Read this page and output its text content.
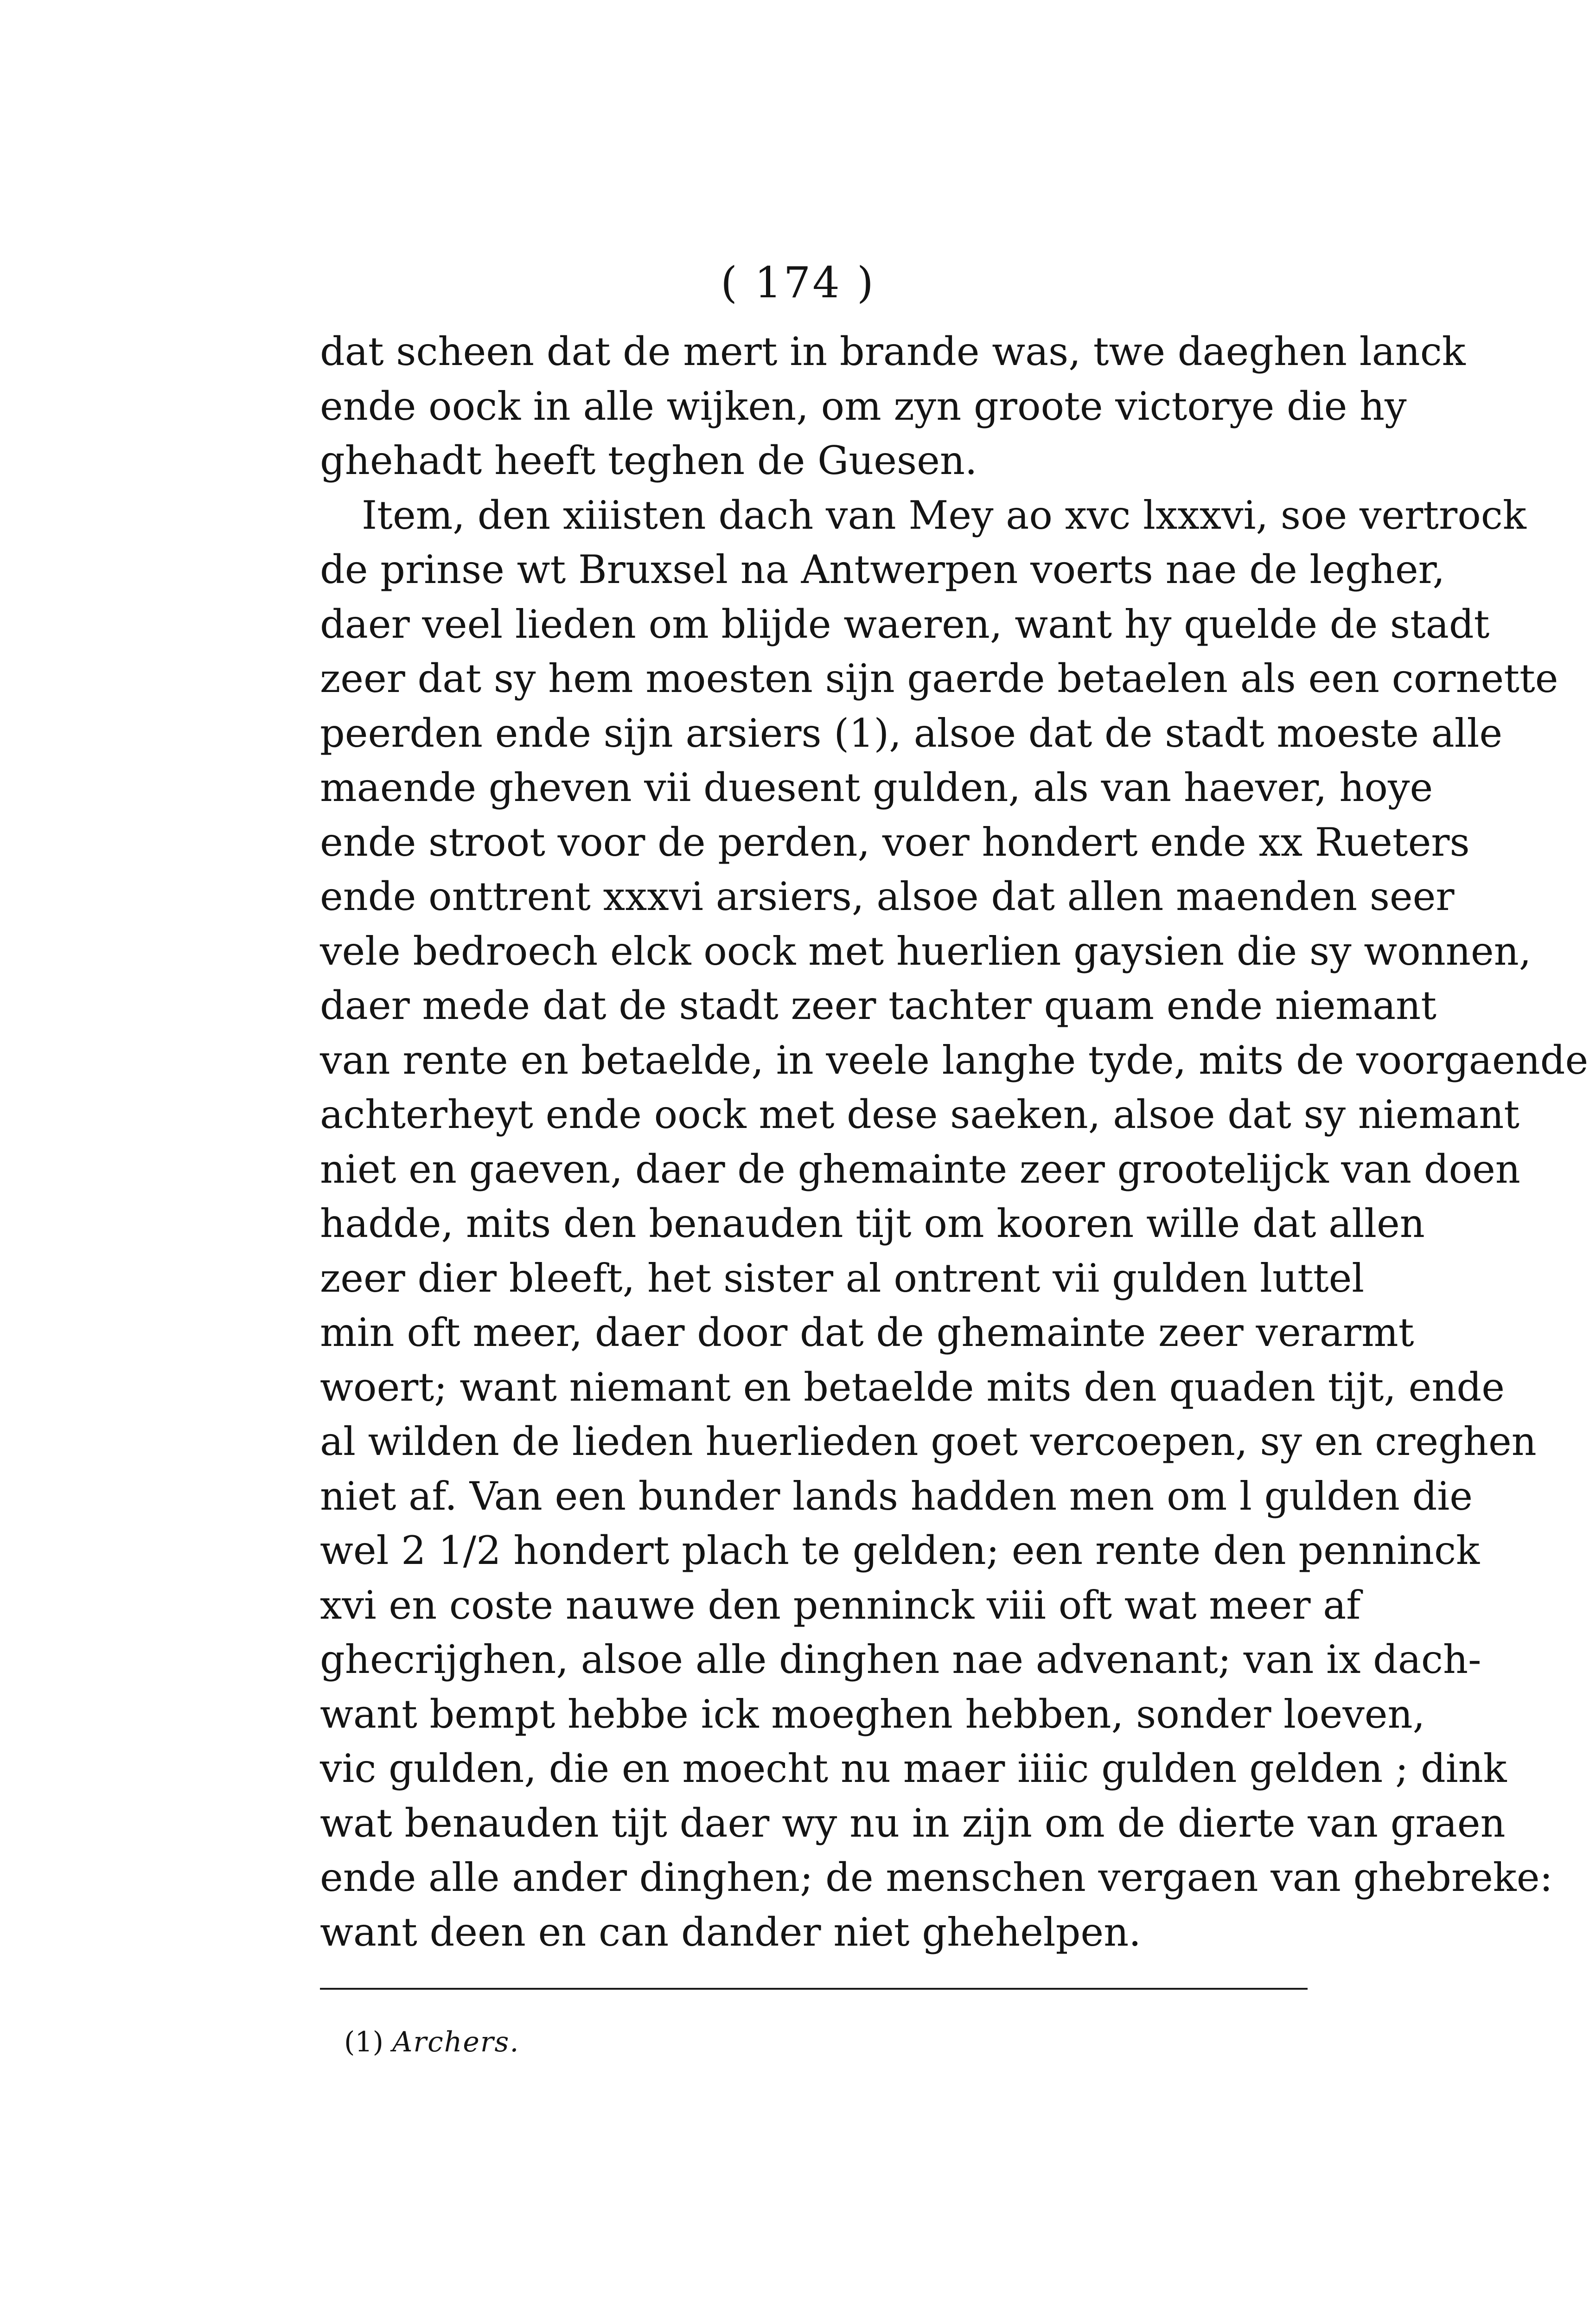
( 174 )
dat scheen dat de mert in brande was, twe daeghen lanck
ende oock in alle wijken, om zyn groote victorye die hy
ghehadt heeft teghen de Guesen.
Item, den xiiisten dach van Mey ao xvc lxxxvi, soe vertrock
de prinse wt Bruxsel na Antwerpen voerts nae de legher,
daer veel lieden om blijde waeren, want hy quelde de stadt
zeer dat sy hem moesten sijn gaerde betaelen als een cornette
peerden ende sijn arsiers (1), alsoe dat de stadt moeste alle
maende gheven vii duesent gulden, als van haever, hoye
ende stroot voor de perden, voer hondert ende xx Rueters
ende onttrent xxxvi arsiers, alsoe dat allen maenden seer
vele bedroech elck oock met huerlien gaysien die sy wonnen,
daer mede dat de stadt zeer tachter quam ende niemant
van rente en betaelde, in veele langhe tyde, mits de voorgaende
achterheyt ende oock met dese saeken, alsoe dat sy niemant
niet en gaeven, daer de ghemainte zeer grootelijck van doen
hadde, mits den benauden tijt om kooren wille dat allen
zeer dier bleeft, het sister al ontrent vii gulden luttel
min oft meer, daer door dat de ghemainte zeer verarmt
woert; want niemant en betaelde mits den quaden tijt, ende
al wilden de lieden huerlieden goet vercoepen, sy en creghen
niet af. Van een bunder lands hadden men om l gulden die
wel 2 1/2 hondert plach te gelden; een rente den penninck
xvi en coste nauwe den penninck viii oft wat meer af
ghecrijghen, alsoe alle dinghen nae advenant; van ix dach-
want bempt hebbe ick moeghen hebben, sonder loeven,
vic gulden, die en moecht nu maer iiiic gulden gelden ; dink
wat benauden tijt daer wy nu in zijn om de dierte van graen
ende alle ander dinghen; de menschen vergaen van ghebreke:
want deen en can dander niet ghehelpen.
(1) Archers.
